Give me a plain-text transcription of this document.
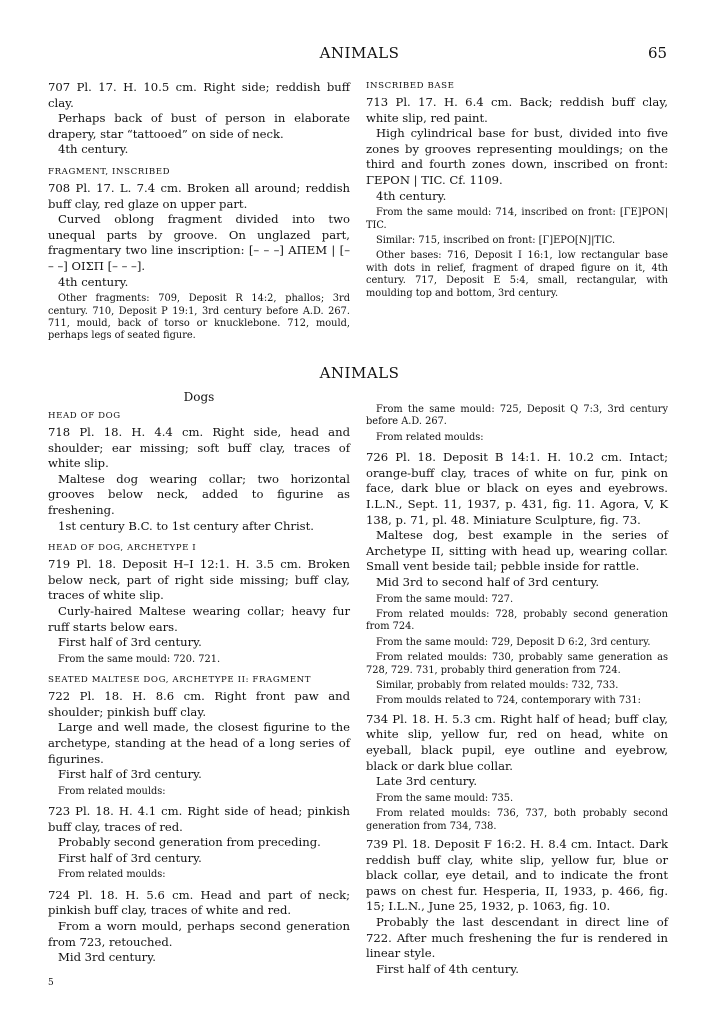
ANIMALS	65

707 Pl. 17. H. 10.5 cm. Right side; reddish buff clay.

Perhaps back of bust of person in elaborate drapery, star “tattooed” on side of neck.

4th century.

FRAGMENT, INSCRIBED

708 Pl. 17. L. 7.4 cm. Broken all around; reddish buff clay, red glaze on upper part.

Curved oblong fragment divided into two unequal parts by groove. On unglazed part, fragmentary two line inscription: [– – –] ΑΠΕΜ | [– – –] ΟΙΣΠ [– – –].

4th century.

Other fragments: 709, Deposit R 14:2, phallos; 3rd century. 710, Deposit P 19:1, 3rd century before A.D. 267. 711, mould, back of torso or knucklebone. 712, mould, perhaps legs of seated figure.

INSCRIBED BASE

713 Pl. 17. H. 6.4 cm. Back; reddish buff clay, white slip, red paint.

High cylindrical base for bust, divided into five zones by grooves representing mouldings; on the third and fourth zones down, inscribed on front: ΓΕΡΟΝ | ΤΙC. Cf. 1109.

4th century.

From the same mould: 714, inscribed on front: [ΓΕ]ΡΟΝ| ΤΙC.

Similar: 715, inscribed on front: [Γ]ΕΡΟ[Ν]|ΤΙC.

Other bases: 716, Deposit I 16:1, low rectangular base with dots in relief, fragment of draped figure on it, 4th century. 717, Deposit E 5:4, small, rectangular, with moulding top and bottom, 3rd century.

ANIMALS
Dogs
HEAD OF DOG

718 Pl. 18. H. 4.4 cm. Right side, head and shoulder; ear missing; soft buff clay, traces of white slip.

Maltese dog wearing collar; two horizontal grooves below neck, added to figurine as freshening.

1st century B.C. to 1st century after Christ.

HEAD OF DOG, ARCHETYPE I

719 Pl. 18. Deposit H–I 12:1. H. 3.5 cm. Broken below neck, part of right side missing; buff clay, traces of white slip.

Curly-haired Maltese wearing collar; heavy fur ruff starts below ears.

First half of 3rd century.

From the same mould: 720. 721.

SEATED MALTESE DOG, ARCHETYPE II: FRAGMENT

722 Pl. 18. H. 8.6 cm. Right front paw and shoulder; pinkish buff clay.

Large and well made, the closest figurine to the archetype, standing at the head of a long series of figurines.

First half of 3rd century.

From related moulds:

723 Pl. 18. H. 4.1 cm. Right side of head; pinkish buff clay, traces of red.

Probably second generation from preceding.

First half of 3rd century.

From related moulds:

724 Pl. 18. H. 5.6 cm. Head and part of neck; pinkish buff clay, traces of white and red.

From a worn mould, perhaps second generation from 723, retouched.

Mid 3rd century.

5

From the same mould: 725, Deposit Q 7:3, 3rd century before A.D. 267.

From related moulds:

726 Pl. 18. Deposit B 14:1. H. 10.2 cm. Intact; orange-buff clay, traces of white on fur, pink on face, dark blue or black on eyes and eyebrows. I.L.N., Sept. 11, 1937, p. 431, fig. 11. Agora, V, K 138, p. 71, pl. 48. Miniature Sculpture, fig. 73.

Maltese dog, best example in the series of Archetype II, sitting with head up, wearing collar. Small vent beside tail; pebble inside for rattle.

Mid 3rd to second half of 3rd century.

From the same mould: 727.

From related moulds: 728, probably second generation from 724.

From the same mould: 729, Deposit D 6:2, 3rd century.

From related moulds: 730, probably same generation as 728, 729. 731, probably third generation from 724.

Similar, probably from related moulds: 732, 733.

From moulds related to 724, contemporary with 731:

734 Pl. 18. H. 5.3 cm. Right half of head; buff clay, white slip, yellow fur, red on head, white on eyeball, black pupil, eye outline and eyebrow, black or dark blue collar.

Late 3rd century.

From the same mould: 735.

From related moulds: 736, 737, both probably second generation from 734, 738.

739 Pl. 18. Deposit F 16:2. H. 8.4 cm. Intact. Dark reddish buff clay, white slip, yellow fur, blue or black collar, eye detail, and to indicate the front paws on chest fur. Hesperia, II, 1933, p. 466, fig. 15; I.L.N., June 25, 1932, p. 1063, fig. 10.

Probably the last descendant in direct line of 722. After much freshening the fur is rendered in linear style.

First half of 4th century.
